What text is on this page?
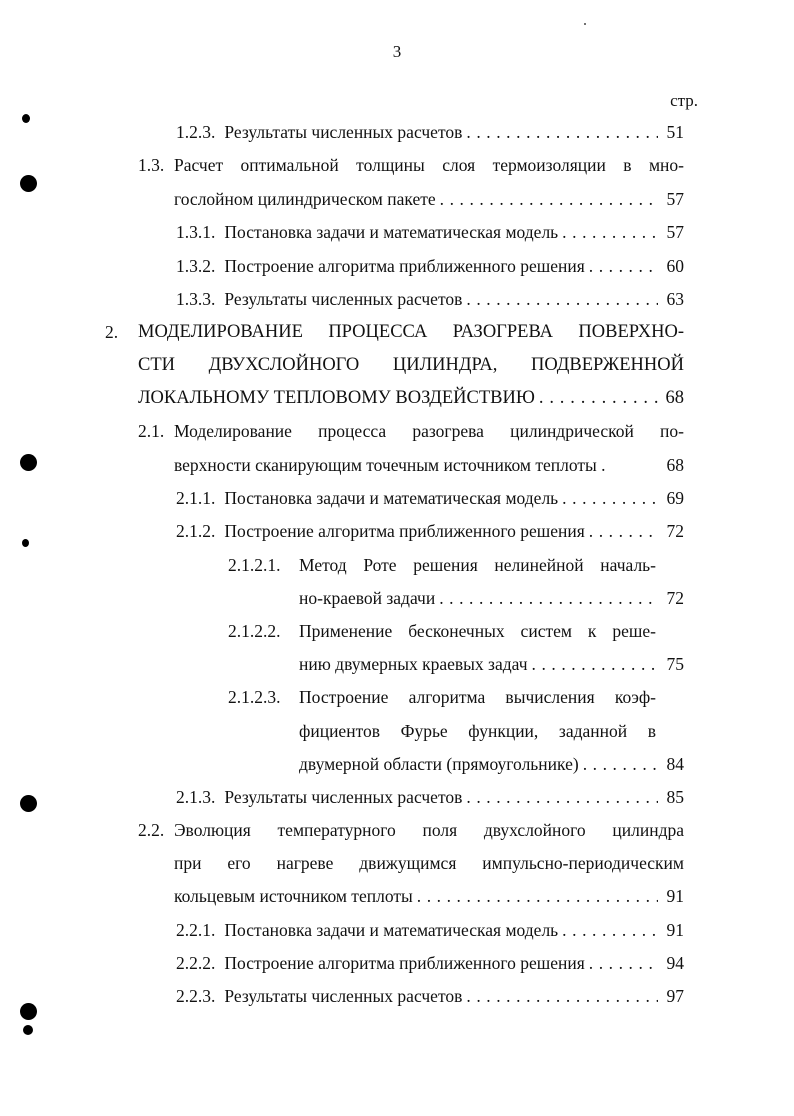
3
стр.
1.2.3. Результаты численных расчетов . . .	51
1.3. Расчет оптимальной толщины слоя термоизоляции в мно-
гослойном цилиндрическом пакете . . .	57
1.3.1. Постановка задачи и математическая модель . . .	57
1.3.2. Построение алгоритма приближенного решения . . .	60
1.3.3. Результаты численных расчетов . . .	63
2. МОДЕЛИРОВАНИЕ ПРОЦЕССА РАЗОГРЕВА ПОВЕРХНО-
СТИ ДВУХСЛОЙНОГО ЦИЛИНДРА, ПОДВЕРЖЕННОЙ
ЛОКАЛЬНОМУ ТЕПЛОВОМУ ВОЗДЕЙСТВИЮ . . .	68
2.1. Моделирование процесса разогрева цилиндрической по-
верхности сканирующим точечным источником теплоты .	68
2.1.1. Постановка задачи и математическая модель . . .	69
2.1.2. Построение алгоритма приближенного решения . . .	72
2.1.2.1. Метод Роте решения нелинейной началь-
но-краевой задачи . . .	72
2.1.2.2. Применение бесконечных систем к реше-
нию двумерных краевых задач . . .	75
2.1.2.3. Построение алгоритма вычисления коэф-
фициентов Фурье функции, заданной в
двумерной области (прямоугольнике) . . .	84
2.1.3. Результаты численных расчетов . . .	85
2.2. Эволюция температурного поля двухслойного цилиндра
при его нагреве движущимся импульсно-периодическим
кольцевым источником теплоты . . .	91
2.2.1. Постановка задачи и математическая модель . . .	91
2.2.2. Построение алгоритма приближенного решения . . .	94
2.2.3. Результаты численных расчетов . . .	97
